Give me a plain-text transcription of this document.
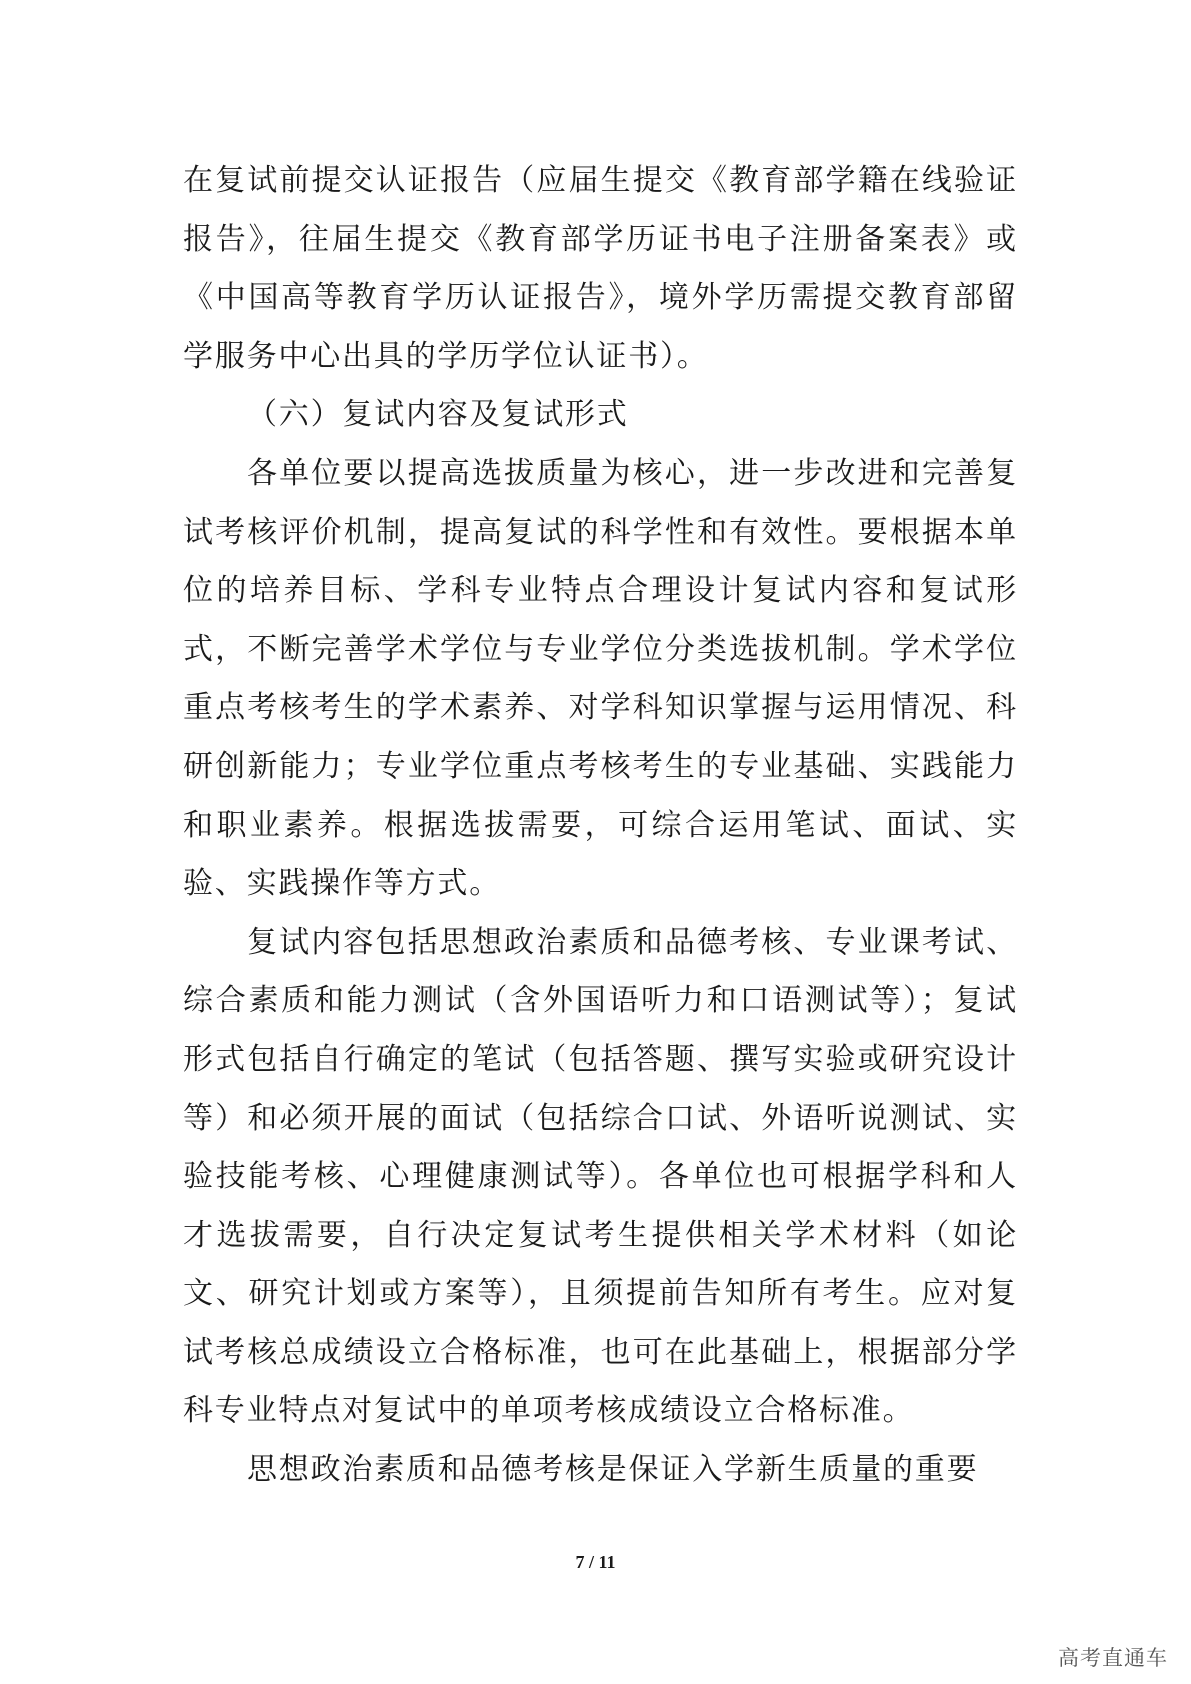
在复试前提交认证报告（应届生提交《教育部学籍在线验证报告》，往届生提交《教育部学历证书电子注册备案表》或《中国高等教育学历认证报告》，境外学历需提交教育部留学服务中心出具的学历学位认证书）。

（六）复试内容及复试形式

各单位要以提高选拔质量为核心，进一步改进和完善复试考核评价机制，提高复试的科学性和有效性。要根据本单位的培养目标、学科专业特点合理设计复试内容和复试形式，不断完善学术学位与专业学位分类选拔机制。学术学位重点考核考生的学术素养、对学科知识掌握与运用情况、科研创新能力；专业学位重点考核考生的专业基础、实践能力和职业素养。根据选拔需要，可综合运用笔试、面试、实验、实践操作等方式。

复试内容包括思想政治素质和品德考核、专业课考试、综合素质和能力测试（含外国语听力和口语测试等）；复试形式包括自行确定的笔试（包括答题、撰写实验或研究设计等）和必须开展的面试（包括综合口试、外语听说测试、实验技能考核、心理健康测试等）。各单位也可根据学科和人才选拔需要，自行决定复试考生提供相关学术材料（如论文、研究计划或方案等），且须提前告知所有考生。应对复试考核总成绩设立合格标准，也可在此基础上，根据部分学科专业特点对复试中的单项考核成绩设立合格标准。

思想政治素质和品德考核是保证入学新生质量的重要

7 / 11
高考直通车
